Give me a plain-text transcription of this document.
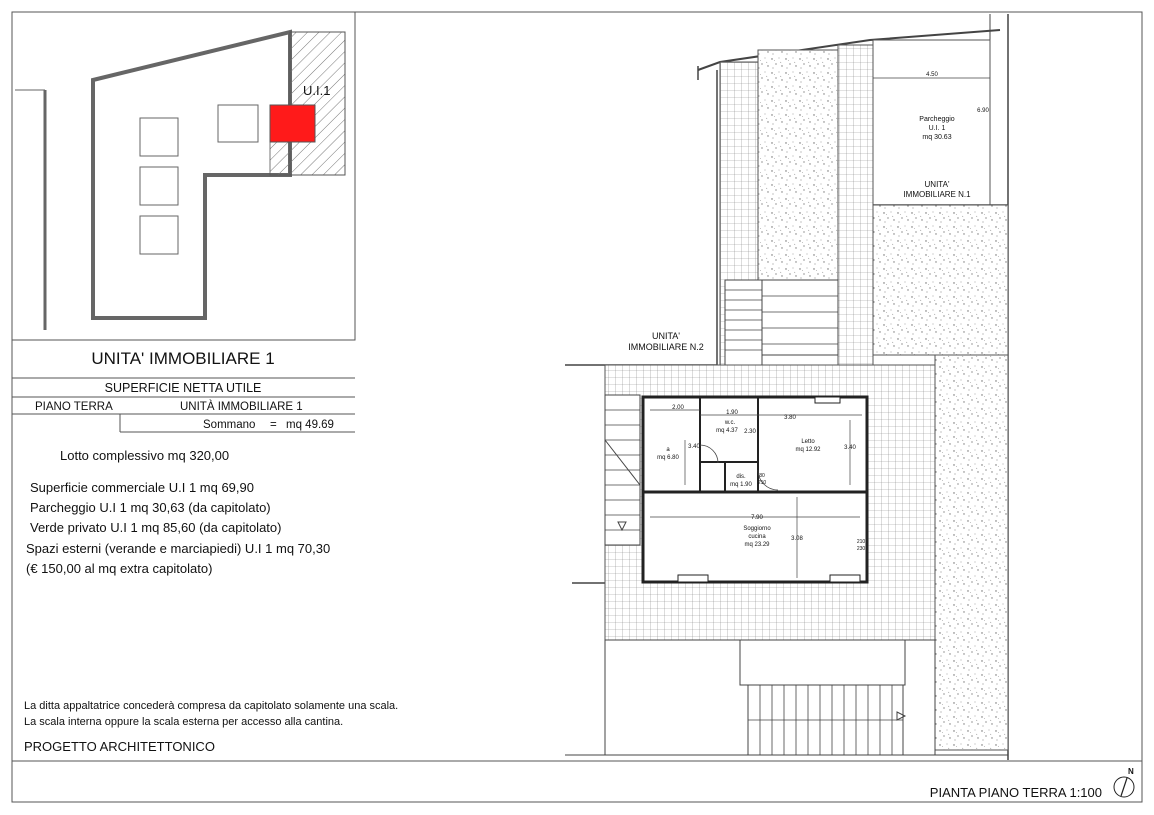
U.I.1
UNITA' IMMOBILIARE 1
SUPERFICIE NETTA UTILE
PIANO TERRA	UNITÀ IMMOBILIARE 1
Sommano = mq 49.69
Lotto complessivo mq 320,00
Superficie commerciale U.I 1 mq 69,90
Parcheggio U.I 1 mq 30,63 (da capitolato)
Verde privato U.I 1 mq 85,60 (da capitolato)
Spazi esterni (verande e marciapiedi) U.I 1 mq 70,30
(€ 150,00 al mq extra capitolato)
La ditta appaltatrice concederà compresa da capitolato solamente una scala.
La scala interna oppure la scala esterna per accesso alla cantina.
PROGETTO ARCHITETTONICO
UNITA'
IMMOBILIARE N.2
UNITA'
IMMOBILIARE N.1
Parcheggio
U.I. 1
mq 30.63
4.50
6.90
a
mq 6.80
w.c.
mq 4.37
dis.
mq 1.90
Letto
mq 12.92
Soggiorno
cucina
mq 23.29
2.00
1.90
3.80
3.40	3.40
2.30
7.90
3.08
80
210
210
230
PIANTA PIANO TERRA 1:100
N
